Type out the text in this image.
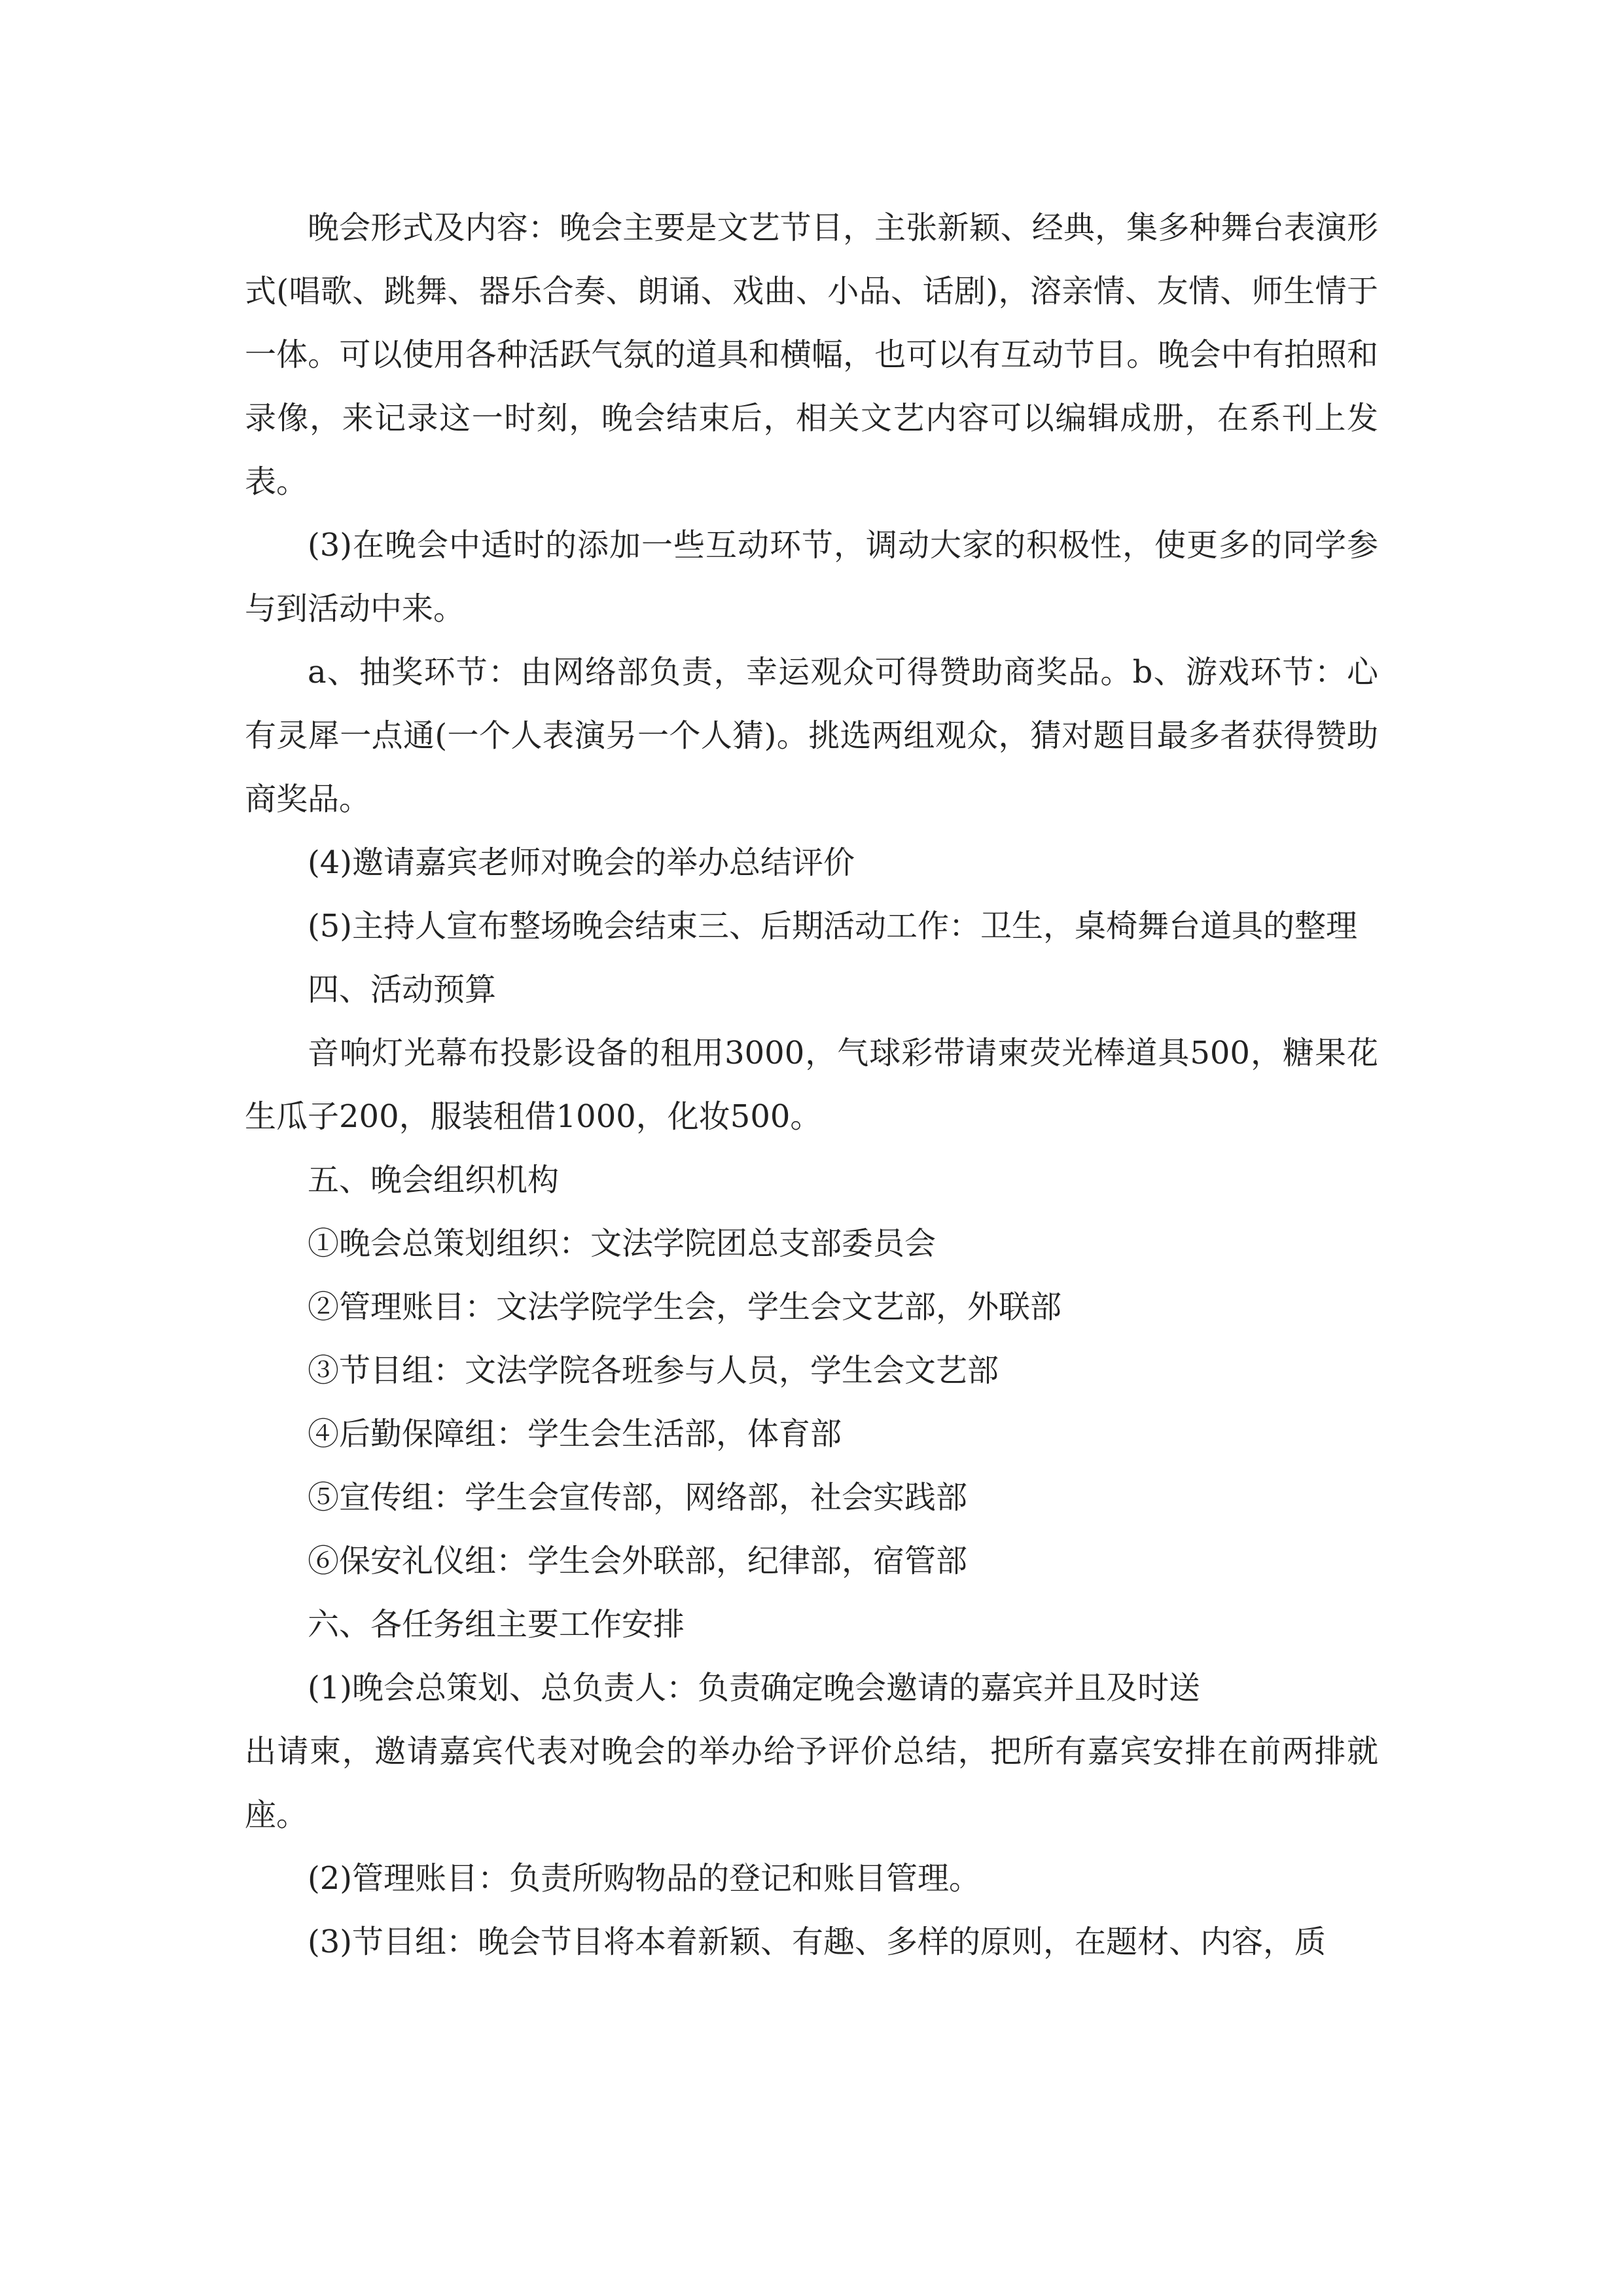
晚会形式及内容：晚会主要是文艺节目，主张新颖、经典，集多种舞台表演形式(唱歌、跳舞、器乐合奏、朗诵、戏曲、小品、话剧)，溶亲情、友情、师生情于一体。可以使用各种活跃气氛的道具和横幅，也可以有互动节目。晚会中有拍照和录像，来记录这一时刻，晚会结束后，相关文艺内容可以编辑成册，在系刊上发表。

(3)在晚会中适时的添加一些互动环节，调动大家的积极性，使更多的同学参与到活动中来。

a、抽奖环节：由网络部负责，幸运观众可得赞助商奖品。b、游戏环节：心有灵犀一点通(一个人表演另一个人猜)。挑选两组观众，猜对题目最多者获得赞助商奖品。

(4)邀请嘉宾老师对晚会的举办总结评价

(5)主持人宣布整场晚会结束三、后期活动工作：卫生，桌椅舞台道具的整理

四、活动预算

音响灯光幕布投影设备的租用3000，气球彩带请柬荧光棒道具500，糖果花生瓜子200，服装租借1000，化妆500。

五、晚会组织机构

①晚会总策划组织：文法学院团总支部委员会

②管理账目：文法学院学生会，学生会文艺部，外联部

③节目组：文法学院各班参与人员，学生会文艺部

④后勤保障组：学生会生活部，体育部

⑤宣传组：学生会宣传部，网络部，社会实践部

⑥保安礼仪组：学生会外联部，纪律部，宿管部

六、各任务组主要工作安排

(1)晚会总策划、总负责人：负责确定晚会邀请的嘉宾并且及时送

出请柬，邀请嘉宾代表对晚会的举办给予评价总结，把所有嘉宾安排在前两排就座。

(2)管理账目：负责所购物品的登记和账目管理。

(3)节目组：晚会节目将本着新颖、有趣、多样的原则，在题材、内容，质
